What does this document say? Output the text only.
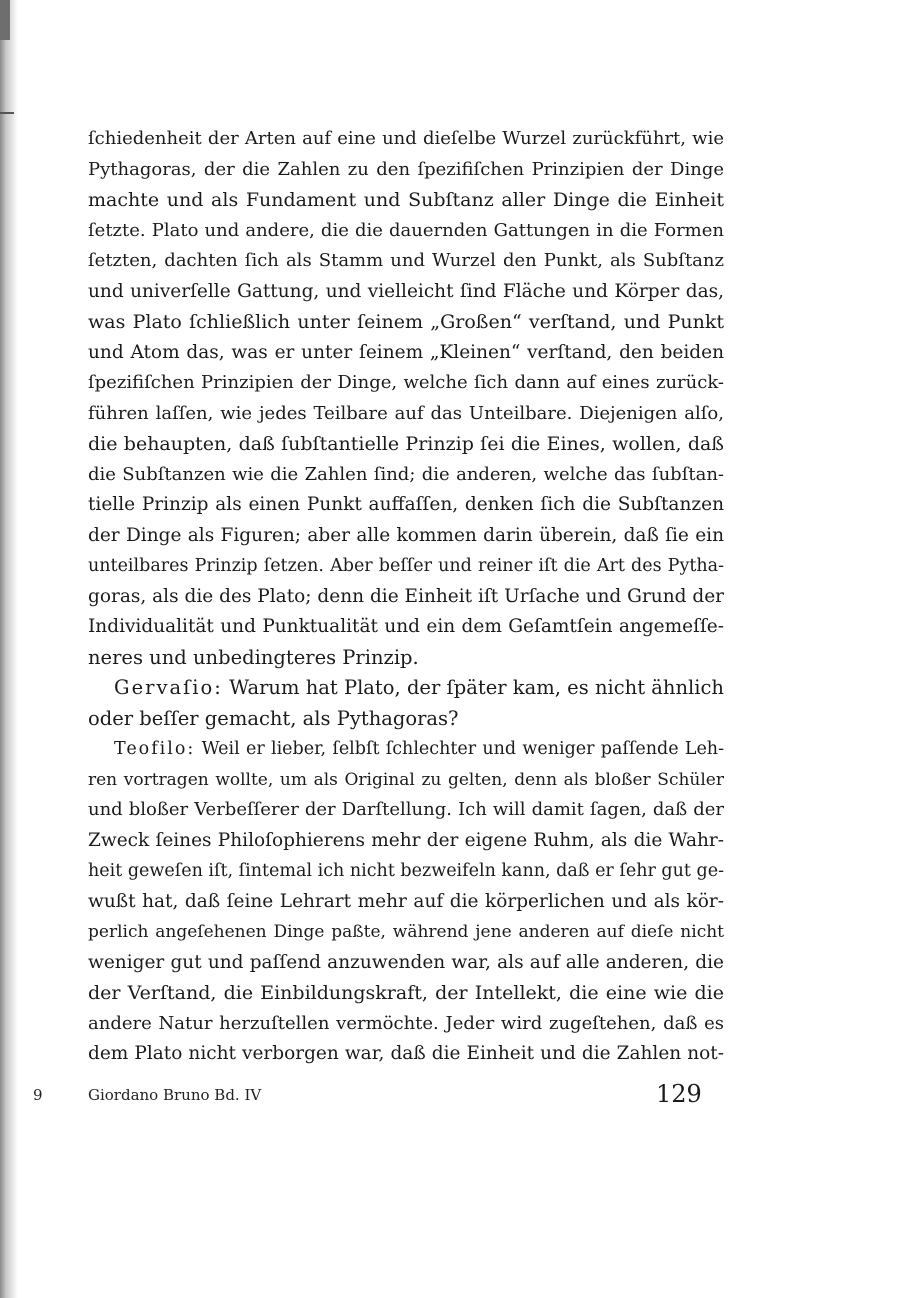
ſchiedenheit der Arten auf eine und dieſelbe Wurzel zurückführt, wie
Pythagoras, der die Zahlen zu den ſpezifiſchen Prinzipien der Dinge
machte und als Fundament und Subſtanz aller Dinge die Einheit
ſetzte. Plato und andere, die die dauernden Gattungen in die Formen
ſetzten, dachten ſich als Stamm und Wurzel den Punkt, als Subſtanz
und univerſelle Gattung, und vielleicht ſind Fläche und Körper das,
was Plato ſchließlich unter ſeinem „Großen“ verſtand, und Punkt
und Atom das, was er unter ſeinem „Kleinen“ verſtand, den beiden
ſpezifiſchen Prinzipien der Dinge, welche ſich dann auf eines zurück-
führen laſſen, wie jedes Teilbare auf das Unteilbare. Diejenigen alſo,
die behaupten, daß ſubſtantielle Prinzip ſei die Eines, wollen, daß
die Subſtanzen wie die Zahlen ſind; die anderen, welche das ſubſtan-
tielle Prinzip als einen Punkt auffaſſen, denken ſich die Subſtanzen
der Dinge als Figuren; aber alle kommen darin überein, daß ſie ein
unteilbares Prinzip ſetzen. Aber beſſer und reiner iſt die Art des Pytha-
goras, als die des Plato; denn die Einheit iſt Urſache und Grund der
Individualität und Punktualität und ein dem Geſamtſein angemeſſe-
neres und unbedingteres Prinzip.
Gervaſio: Warum hat Plato, der ſpäter kam, es nicht ähnlich
oder beſſer gemacht, als Pythagoras?
Teofilo: Weil er lieber, ſelbſt ſchlechter und weniger paſſende Leh-
ren vortragen wollte, um als Original zu gelten, denn als bloßer Schüler
und bloßer Verbeſſerer der Darſtellung. Ich will damit ſagen, daß der
Zweck ſeines Philoſophierens mehr der eigene Ruhm, als die Wahr-
heit geweſen iſt, ſintemal ich nicht bezweifeln kann, daß er ſehr gut ge-
wußt hat, daß ſeine Lehrart mehr auf die körperlichen und als kör-
perlich angeſehenen Dinge paßte, während jene anderen auf dieſe nicht
weniger gut und paſſend anzuwenden war, als auf alle anderen, die
der Verſtand, die Einbildungskraft, der Intellekt, die eine wie die
andere Natur herzuſtellen vermöchte. Jeder wird zugeſtehen, daß es
dem Plato nicht verborgen war, daß die Einheit und die Zahlen not-
9	Giordano Bruno Bd. IV	129
